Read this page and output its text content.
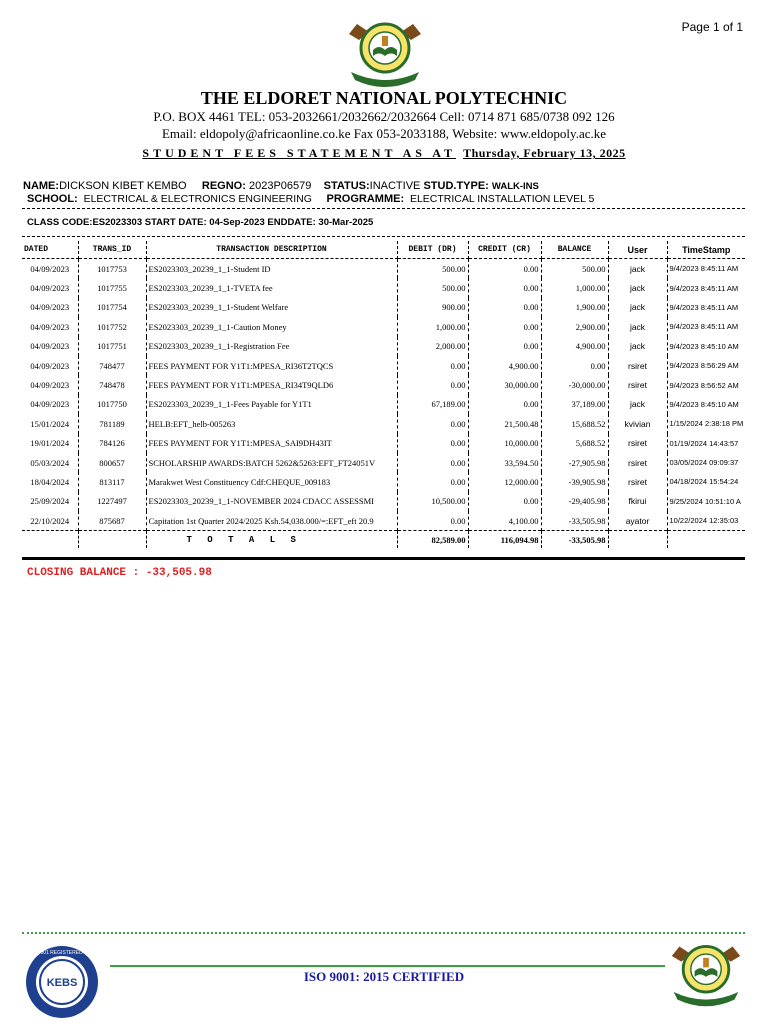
Page 1 of 1
THE ELDORET NATIONAL POLYTECHNIC
P.O. BOX 4461 TEL: 053-2032661/2032662/2032664 Cell: 0714 871 685/0738 092 126
Email: eldopoly@africaonline.co.ke Fax 053-2033188, Website: www.eldopoly.ac.ke
STUDENT FEES STATEMENT AS AT Thursday, February 13, 2025
NAME:DICKSON KIBET KEMBO REGNO: 2023P06579 STATUS:INACTIVE STUD.TYPE: WALK-INS
SCHOOL: ELECTRICAL & ELECTRONICS ENGINEERING PROGRAMME: ELECTRICAL INSTALLATION LEVEL 5
CLASS CODE:ES2023303 START DATE: 04-Sep-2023 ENDDATE: 30-Mar-2025
DATED	TRANS_ID	TRANSACTION DESCRIPTION	DEBIT (DR)	CREDIT (CR)	BALANCE	User	TimeStamp
04/09/2023	1017753	ES2023303_20239_1_1-Student ID	500.00	0.00	500.00	jack	9/4/2023 8:45:11 AM
04/09/2023	1017755	ES2023303_20239_1_1-TVETA fee	500.00	0.00	1,000.00	jack	9/4/2023 8:45:11 AM
04/09/2023	1017754	ES2023303_20239_1_1-Student Welfare	900.00	0.00	1,900.00	jack	9/4/2023 8:45:11 AM
04/09/2023	1017752	ES2023303_20239_1_1-Caution Money	1,000.00	0.00	2,900.00	jack	9/4/2023 8:45:11 AM
04/09/2023	1017751	ES2023303_20239_1_1-Registration Fee	2,000.00	0.00	4,900.00	jack	9/4/2023 8:45:10 AM
04/09/2023	748477	FEES PAYMENT FOR Y1T1:MPESA_RI36T2TQCS	0.00	4,900.00	0.00	rsiret	9/4/2023 8:56:29 AM
04/09/2023	748478	FEES PAYMENT FOR Y1T1:MPESA_RI34T9QLD6	0.00	30,000.00	-30,000.00	rsiret	9/4/2023 8:56:52 AM
04/09/2023	1017750	ES2023303_20239_1_1-Fees Payable for Y1T1	67,189.00	0.00	37,189.00	jack	9/4/2023 8:45:10 AM
15/01/2024	781189	HELB:EFT_helb-005263	0.00	21,500.48	15,688.52	kvivian	1/15/2024 2:38:18 PM
19/01/2024	784126	FEES PAYMENT FOR Y1T1:MPESA_SAI9DH43IT	0.00	10,000.00	5,688.52	rsiret	01/19/2024 14:43:57
05/03/2024	800657	SCHOLARSHIP AWARDS:BATCH 5262&5263:EFT_FT24051V	0.00	33,594.50	-27,905.98	rsiret	03/05/2024 09:09:37
18/04/2024	813117	Marakwet West Constituency Cdf:CHEQUE_009183	0.00	12,000.00	-39,905.98	rsiret	04/18/2024 15:54:24
25/09/2024	1227497	ES2023303_20239_1_1-NOVEMBER 2024 CDACC ASSESSMI	10,500.00	0.00	-29,405.98	fkirui	9/25/2024 10:51:10 A
22/10/2024	875687	Capitation 1st Quarter 2024/2025 Ksh.54,038.000/=:EFT_eft 20.9	0.00	4,100.00	-33,505.98	ayator	10/22/2024 12:35:03
		T O T A L S	82,589.00	116,094.98	-33,505.98		
CLOSING BALANCE : -33,505.98
KEBS
ISO 9001 REGISTERED FIRM
ISO 9001: 2015 CERTIFIED
